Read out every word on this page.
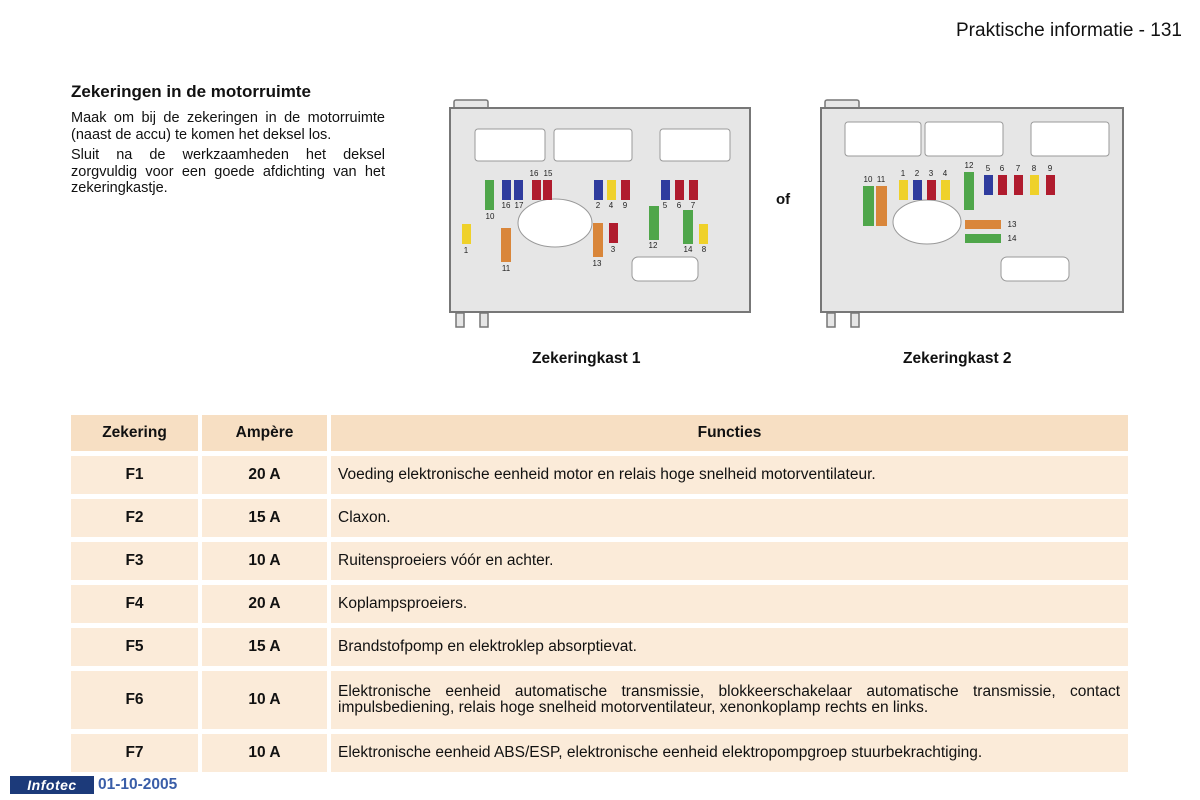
Praktische informatie - 131
Zekeringen in de motorruimte

Maak om bij de zekeringen in de motorruimte (naast de accu) te komen het deksel los.

Sluit na de werkzaamheden het deksel zorgvuldig voor een goede afdichting van het zekeringkastje.

16 15
10
16 17	2 4 9	5 6 7
1
11
13
3	12	14 8
of
10 11
1 2 3 4
12 5 6 7 8 9
13
14
Zekeringkast 1	Zekeringkast 2
Zekering	Ampère	Functies
F1	20 A	Voeding elektronische eenheid motor en relais hoge snelheid motorventilateur.
F2	15 A	Claxon.
F3	10 A	Ruitensproeiers vóór en achter.
F4	20 A	Koplampsproeiers.
F5	15 A	Brandstofpomp en elektroklep absorptievat.
F6	10 A	Elektronische eenheid automatische transmissie, blokkeerschakelaar automatische transmissie, contact impulsbediening, relais hoge snelheid motorventilateur, xenonkoplamp rechts en links.
F7	10 A	Elektronische eenheid ABS/ESP, elektronische eenheid elektropompgroep stuurbekrachtiging.
Infotec	01-10-2005
